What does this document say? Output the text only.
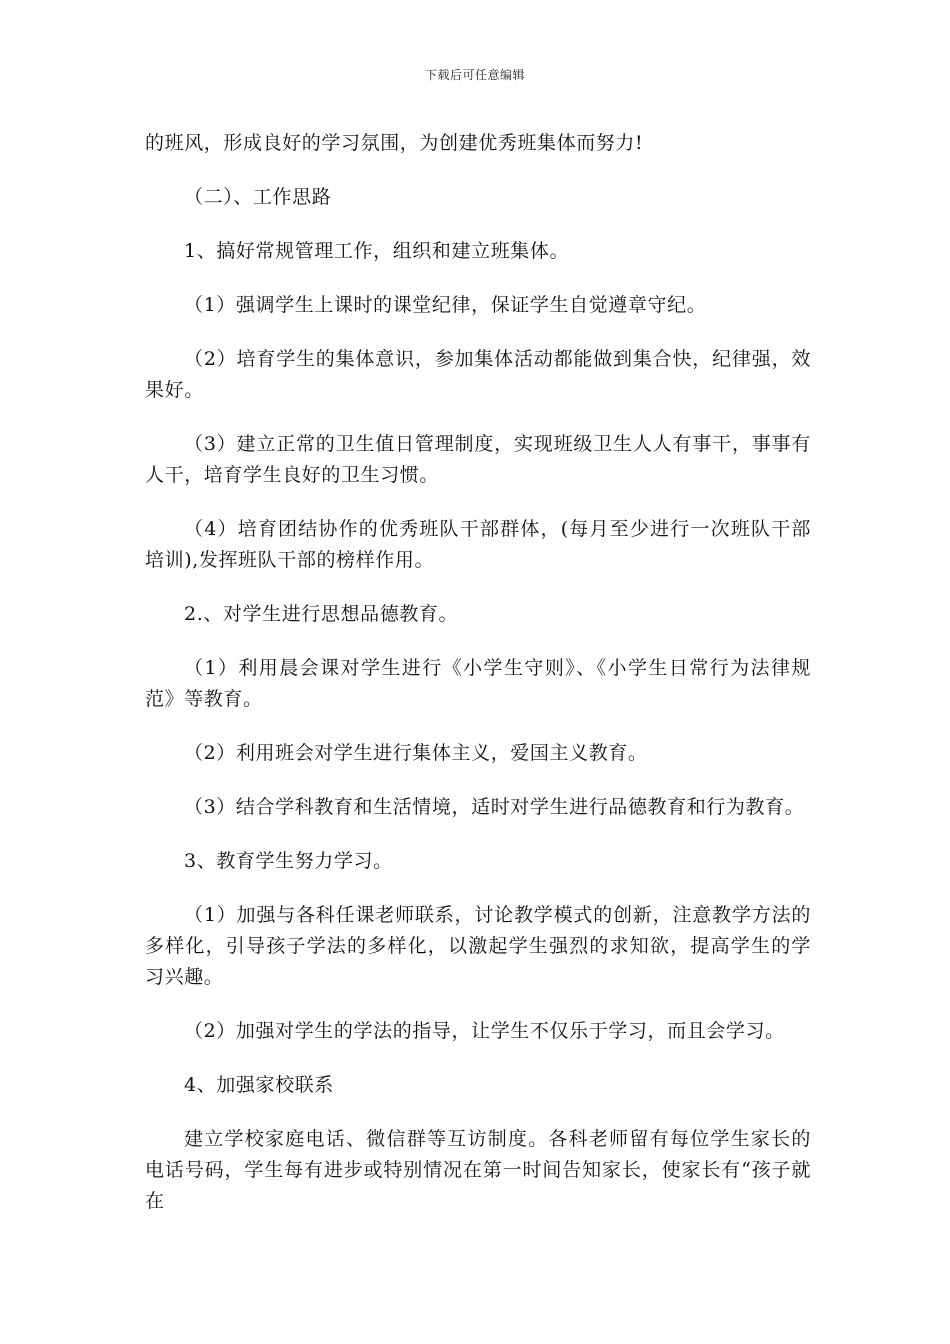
下载后可任意编辑

的班风，形成良好的学习氛围，为创建优秀班集体而努力!

（二）、工作思路

1、搞好常规管理工作，组织和建立班集体。

（1）强调学生上课时的课堂纪律，保证学生自觉遵章守纪。

（2）培育学生的集体意识，参加集体活动都能做到集合快，纪律强，效果好。

（3）建立正常的卫生值日管理制度，实现班级卫生人人有事干，事事有人干，培育学生良好的卫生习惯。

（4）培育团结协作的优秀班队干部群体，(每月至少进行一次班队干部培训),发挥班队干部的榜样作用。

2.、对学生进行思想品德教育。

（1）利用晨会课对学生进行《小学生守则》、《小学生日常行为法律规范》等教育。

（2）利用班会对学生进行集体主义，爱国主义教育。

（3）结合学科教育和生活情境，适时对学生进行品德教育和行为教育。

3、教育学生努力学习。

（1）加强与各科任课老师联系，讨论教学模式的创新，注意教学方法的多样化，引导孩子学法的多样化，以激起学生强烈的求知欲，提高学生的学习兴趣。

（2）加强对学生的学法的指导，让学生不仅乐于学习，而且会学习。

4、加强家校联系

建立学校家庭电话、微信群等互访制度。各科老师留有每位学生家长的电话号码，学生每有进步或特别情况在第一时间告知家长，使家长有“孩子就在
